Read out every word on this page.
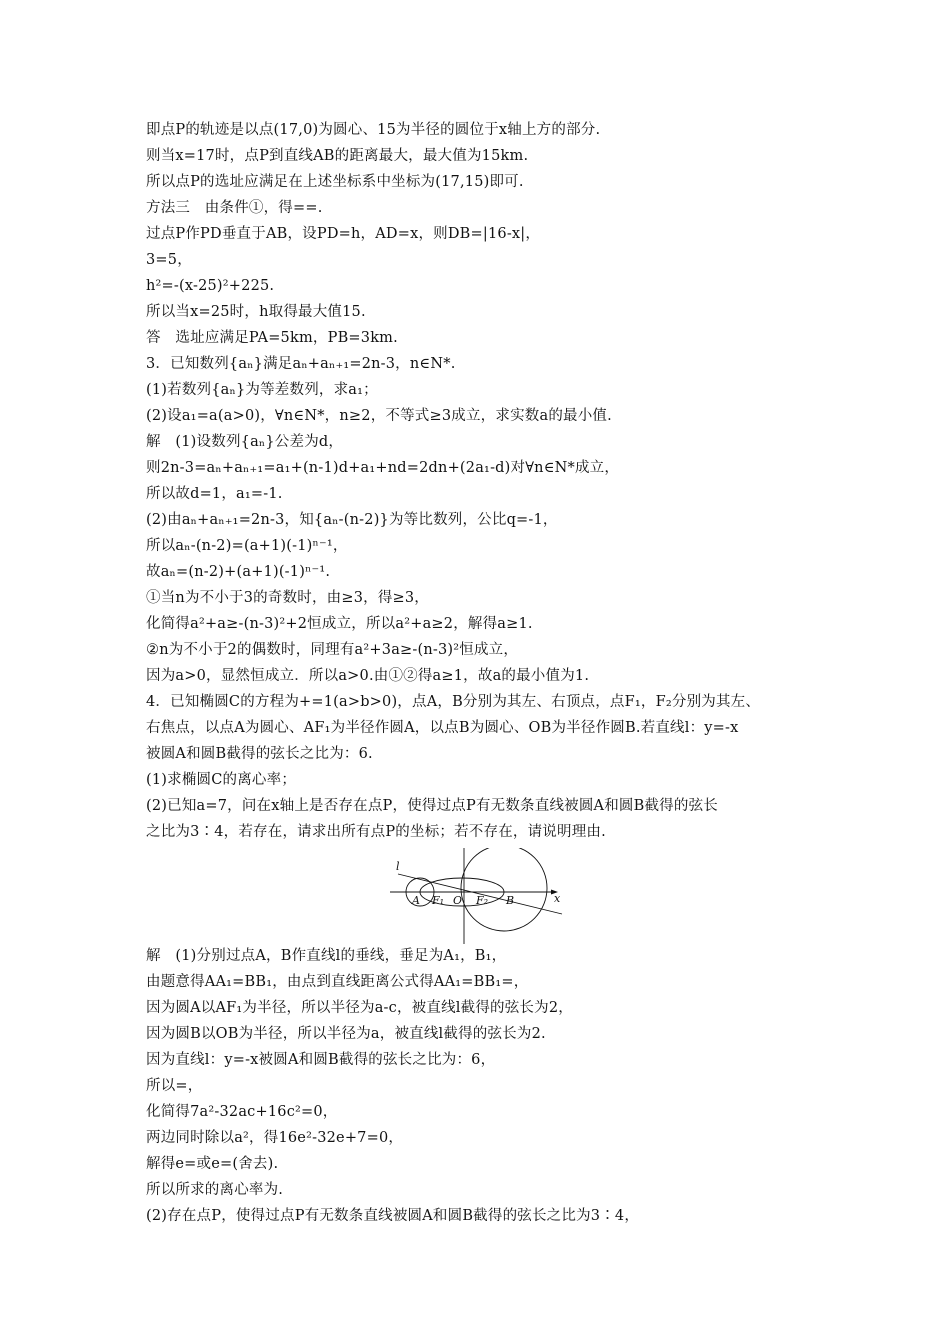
即点P的轨迹是以点(17,0)为圆心、15为半径的圆位于x轴上方的部分.
则当x=17时，点P到直线AB的距离最大，最大值为15km.
所以点P的选址应满足在上述坐标系中坐标为(17,15)即可.
方法三　由条件①，得==.
过点P作PD垂直于AB，设PD=h，AD=x，则DB=|16-x|，
3=5，
h²=-(x-25)²+225.
所以当x=25时，h取得最大值15.
答　选址应满足PA=5km，PB=3km.
3．已知数列{aₙ}满足aₙ+aₙ₊₁=2n-3，n∈N*.
(1)若数列{aₙ}为等差数列，求a₁；
(2)设a₁=a(a>0)，∀n∈N*，n≥2，不等式≥3成立，求实数a的最小值.
解　(1)设数列{aₙ}公差为d，
则2n-3=aₙ+aₙ₊₁=a₁+(n-1)d+a₁+nd=2dn+(2a₁-d)对∀n∈N*成立，
所以故d=1，a₁=-1.
(2)由aₙ+aₙ₊₁=2n-3，知{aₙ-(n-2)}为等比数列，公比q=-1，
所以aₙ-(n-2)=(a+1)(-1)ⁿ⁻¹，
故aₙ=(n-2)+(a+1)(-1)ⁿ⁻¹.
①当n为不小于3的奇数时，由≥3，得≥3，
化简得a²+a≥-(n-3)²+2恒成立，所以a²+a≥2，解得a≥1.
②n为不小于2的偶数时，同理有a²+3a≥-(n-3)²恒成立，
因为a>0，显然恒成立．所以a>0.由①②得a≥1，故a的最小值为1.
4．已知椭圆C的方程为+=1(a>b>0)，点A，B分别为其左、右顶点，点F₁，F₂分别为其左、
右焦点，以点A为圆心、AF₁为半径作圆A，以点B为圆心、OB为半径作圆B.若直线l：y=-x
被圆A和圆B截得的弦长之比为：6.
(1)求椭圆C的离心率；
(2)已知a=7，问在x轴上是否存在点P，使得过点P有无数条直线被圆A和圆B截得的弦长
之比为3∶4，若存在，请求出所有点P的坐标；若不存在，请说明理由.
x
l
A F₁ O F₂ B
解　(1)分别过点A，B作直线l的垂线，垂足为A₁，B₁，
由题意得AA₁=BB₁，由点到直线距离公式得AA₁=BB₁=，
因为圆A以AF₁为半径，所以半径为a-c，被直线l截得的弦长为2，
因为圆B以OB为半径，所以半径为a，被直线l截得的弦长为2.
因为直线l：y=-x被圆A和圆B截得的弦长之比为：6，
所以=，
化简得7a²-32ac+16c²=0，
两边同时除以a²，得16e²-32e+7=0，
解得e=或e=(舍去).
所以所求的离心率为.
(2)存在点P，使得过点P有无数条直线被圆A和圆B截得的弦长之比为3∶4，
